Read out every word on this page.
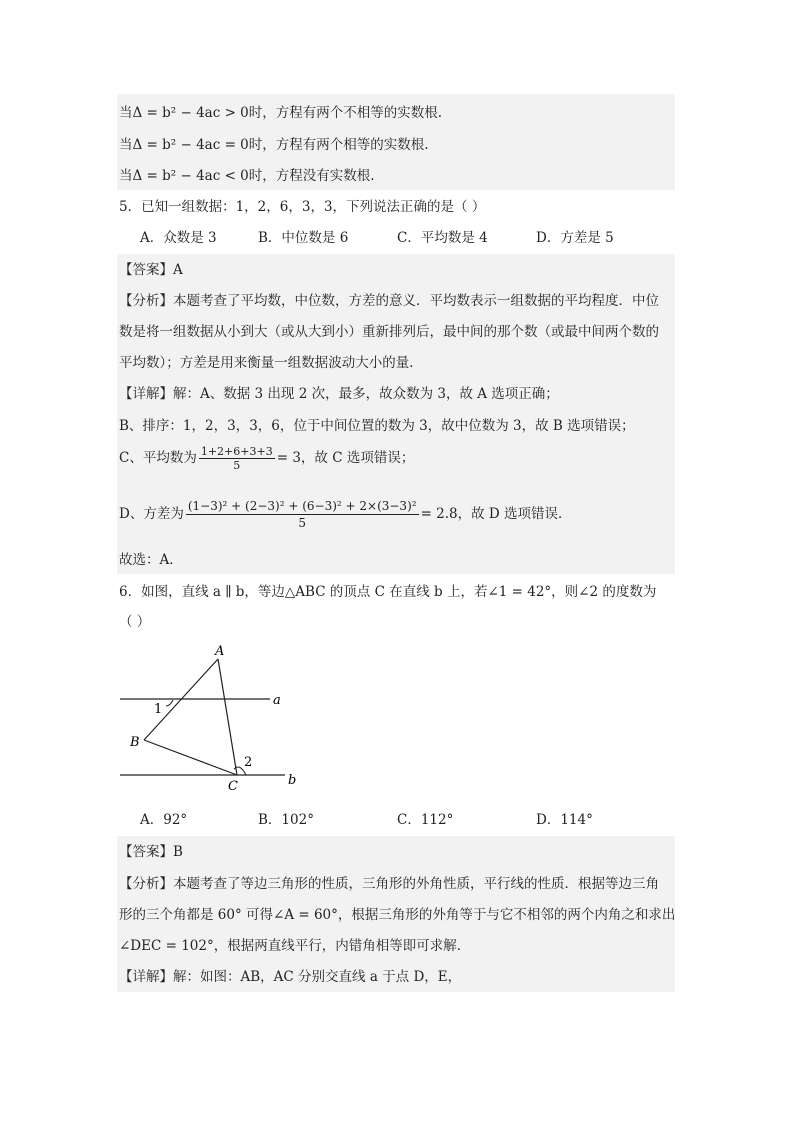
当Δ = b² − 4ac > 0时，方程有两个不相等的实数根.
当Δ = b² − 4ac = 0时，方程有两个相等的实数根.
当Δ = b² − 4ac < 0时，方程没有实数根.
5．已知一组数据：1，2，6，3，3，下列说法正确的是（ ）
A．众数是 3	B．中位数是 6	C．平均数是 4	D．方差是 5
【答案】A
【分析】本题考查了平均数，中位数，方差的意义．平均数表示一组数据的平均程度．中位
数是将一组数据从小到大（或从大到小）重新排列后，最中间的那个数（或最中间两个数的
平均数）；方差是用来衡量一组数据波动大小的量．
【详解】解：A、数据 3 出现 2 次，最多，故众数为 3，故 A 选项正确；
B、排序：1，2，3，3，6，位于中间位置的数为 3，故中位数为 3，故 B 选项错误；
C、平均数为 $\frac{1+2+6+3+3}{5} = 3$，故 C 选项错误；
D、方差为 $\frac{\text{(1−3)² + (2−3)² + (6−3)² + 2×(3−3)²}}{5} = 2.8$，故 D 选项错误．
故选：A．
6．如图，直线 a ∥ b，等边△ABC 的顶点 C 在直线 b 上，若∠1 = 42°，则∠2 的度数为
（ ）
A
B
C
a
b
1
2
A．92°	B．102°	C．112°	D．114°
【答案】B
【分析】本题考查了等边三角形的性质，三角形的外角性质，平行线的性质．根据等边三角
形的三个角都是 60° 可得∠A = 60°，根据三角形的外角等于与它不相邻的两个内角之和求出
∠DEC = 102°，根据两直线平行，内错角相等即可求解．
【详解】解：如图：AB，AC 分别交直线 a 于点 D，E，
